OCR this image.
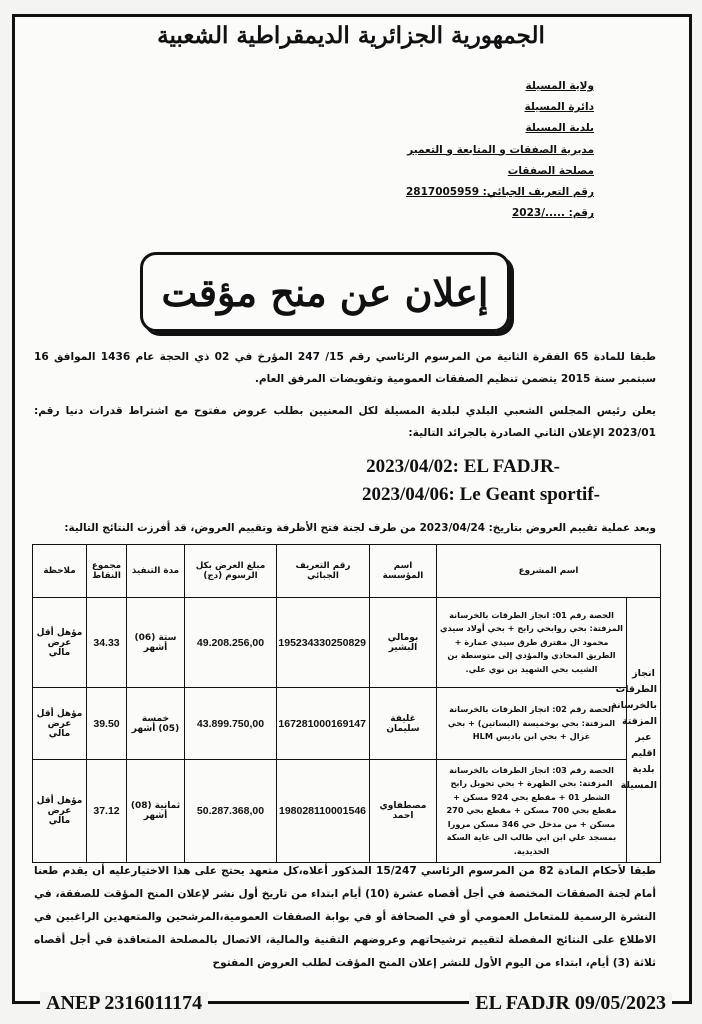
الجمهورية الجزائرية الديمقراطية الشعبية
ولاية المسيلة
دائرة المسيلة
بلدية المسيلة
مديرية الصفقات و المتابعة و التعمير
مصلحة الصفقات
رقم التعريف الجبائي: 2817005959
رقم: ...../2023
إعلان عن منح مؤقت
طبقا للمادة 65 الفقرة الثانية من المرسوم الرئاسي رقم 15/ 247 المؤرخ في 02 ذي الحجة عام 1436 الموافق 16 سبتمبر سنة 2015 يتضمن تنظيم الصفقات العمومية وتفويضات المرفق العام.
يعلن رئيس المجلس الشعبي البلدي لبلدية المسيلة لكل المعنيين بطلب عروض مفتوح مع اشتراط قدرات دنيا رقم: 2023/01 الإعلان الثاني الصادرة بالجرائد التالية:
2023/04/02: EL FADJR-
2023/04/06: Le Geant sportif-
وبعد عملية تقييم العروض بتاريخ: 2023/04/24 من طرف لجنة فتح الأظرفة وتقييم العروض، قد أفرزت النتائج التالية:
اسم المشروع		اسم المؤسسة	رقم التعريف الجبائي	مبلغ العرض بكل الرسوم (دج)	مدة التنفيذ	مجموع النقاط	ملاحظة
انجاز الطرقات بالخرسانة المزفتة عبر اقليم بلدية المسيلة	الحصة رقم 01: انجاز الطرقات بالخرسانة المزفتة: بحي روابحي رابح + بحي أولاد سيدي محمود ال مفترق طرق سيدي عمارة + الطريق المحاذي والمؤدي إلى متوسطة بن الشيب بحي الشهيد بن نوي علي.	بومالي البشير	195234330250829	49.208.256,00	ستة (06) أشهر	34.33	مؤهل أقل عرض مالي
	الحصة رقم 02: انجاز الطرقات بالخرسانة المزفتة: بحي بوخميسة (البساتين) + بحي غزال + بحي ابن باديس HLM	غليفة سليمان	167281000169147	43.899.750,00	خمسة (05) أشهر	39.50	مؤهل أقل عرض مالي
	الحصة رقم 03: انجاز الطرقات بالخرسانة المزفتة: بحي الظهرة + بحي تحويل رابح الشطر 01 + مقطع بحي 924 مسكن + مقطع بحي 700 مسكن + مقطع بحي 270 مسكن + من مدخل حي 346 مسكن مرورا بمسجد علي ابن ابي طالب الى غاية السكة الحديدية.	مصطفاوي احمد	198028110001546	50.287.368,00	ثمانية (08) أشهر	37.12	مؤهل أقل عرض مالي
طبقا لأحكام المادة 82 من المرسوم الرئاسي 15/247 المذكور أعلاه،كل متعهد يحتج على هذا الاختيارعليه أن يقدم طعنا أمام لجنة الصفقات المختصة في أجل أقصاه عشرة (10) أيام ابتداء من تاريخ أول نشر لإعلان المنح المؤقت للصفقة، في النشرة الرسمية للمتعامل العمومي أو في الصحافة أو في بوابة الصفقات العمومية،المرشحين والمتعهدين الراغبين في الاطلاع على النتائج المفصلة لتقييم ترشيحاتهم وعروضهم التقنية والمالية، الاتصال بالمصلحة المتعاقدة في أجل أقصاه ثلاثة (3) أيام، ابتداء من اليوم الأول للنشر إعلان المنح المؤقت لطلب العروض المفتوح
ANEP 2316011174	EL FADJR 09/05/2023
